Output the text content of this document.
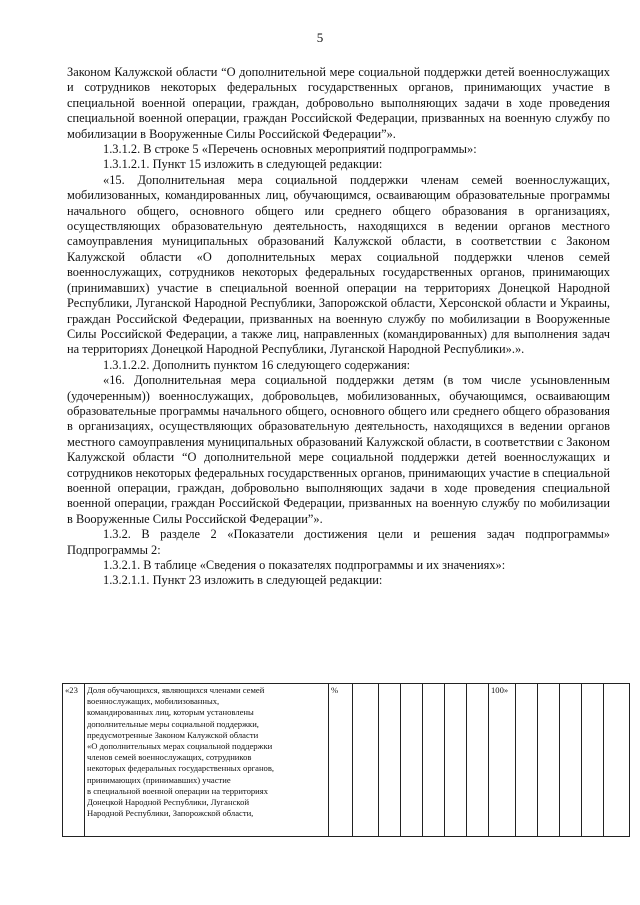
5

Законом Калужской области “О дополнительной мере социальной поддержки детей военнослужащих и сотрудников некоторых федеральных государственных органов, принимающих участие в специальной военной операции, граждан, добровольно выполняющих задачи в ходе проведения специальной военной операции, граждан Российской Федерации, призванных на военную службу по мобилизации в Вооруженные Силы Российской Федерации”».

1.3.1.2. В строке 5 «Перечень основных мероприятий подпрограммы»:

1.3.1.2.1. Пункт 15 изложить в следующей редакции:

«15. Дополнительная мера социальной поддержки членам семей военнослужащих, мобилизованных, командированных лиц, обучающимся, осваивающим образовательные программы начального общего, основного общего или среднего общего образования в организациях, осуществляющих образовательную деятельность, находящихся в ведении органов местного самоуправления муниципальных образований Калужской области, в соответствии с Законом Калужской области «О дополнительных мерах социальной поддержки членов семей военнослужащих, сотрудников некоторых федеральных государственных органов, принимающих (принимавших) участие в специальной военной операции на территориях Донецкой Народной Республики, Луганской Народной Республики, Запорожской области, Херсонской области и Украины, граждан Российской Федерации, призванных на военную службу по мобилизации в Вооруженные Силы Российской Федерации, а также лиц, направленных (командированных) для выполнения задач на территориях Донецкой Народной Республики, Луганской Народной Республики».».

1.3.1.2.2. Дополнить пунктом 16 следующего содержания:

«16. Дополнительная мера социальной поддержки детям (в том числе усыновленным (удочеренным)) военнослужащих, добровольцев, мобилизованных, обучающимся, осваивающим образовательные программы начального общего, основного общего или среднего общего образования в организациях, осуществляющих образовательную деятельность, находящихся в ведении органов местного самоуправления муниципальных образований Калужской области, в соответствии с Законом Калужской области “О дополнительной мере социальной поддержки детей военнослужащих и сотрудников некоторых федеральных государственных органов, принимающих участие в специальной военной операции, граждан, добровольно выполняющих задачи в ходе проведения специальной военной операции, граждан Российской Федерации, призванных на военную службу по мобилизации в Вооруженные Силы Российской Федерации”».

1.3.2. В разделе 2 «Показатели достижения цели и решения задач подпрограммы» Подпрограммы 2:

1.3.2.1. В таблице «Сведения о показателях подпрограммы и их значениях»:

1.3.2.1.1. Пункт 23 изложить в следующей редакции:

«23	Доля обучающихся, являющихся членами семей
военнослужащих, мобилизованных,
командированных лиц, которым установлены
дополнительные меры социальной поддержки,
предусмотренные Законом Калужской области
«О дополнительных мерах социальной поддержки
членов семей военнослужащих, сотрудников
некоторых федеральных государственных органов,
принимающих (принимавших) участие
в специальной военной операции на территориях
Донецкой Народной Республики, Луганской
Народной Республики, Запорожской области,	%							100»					
